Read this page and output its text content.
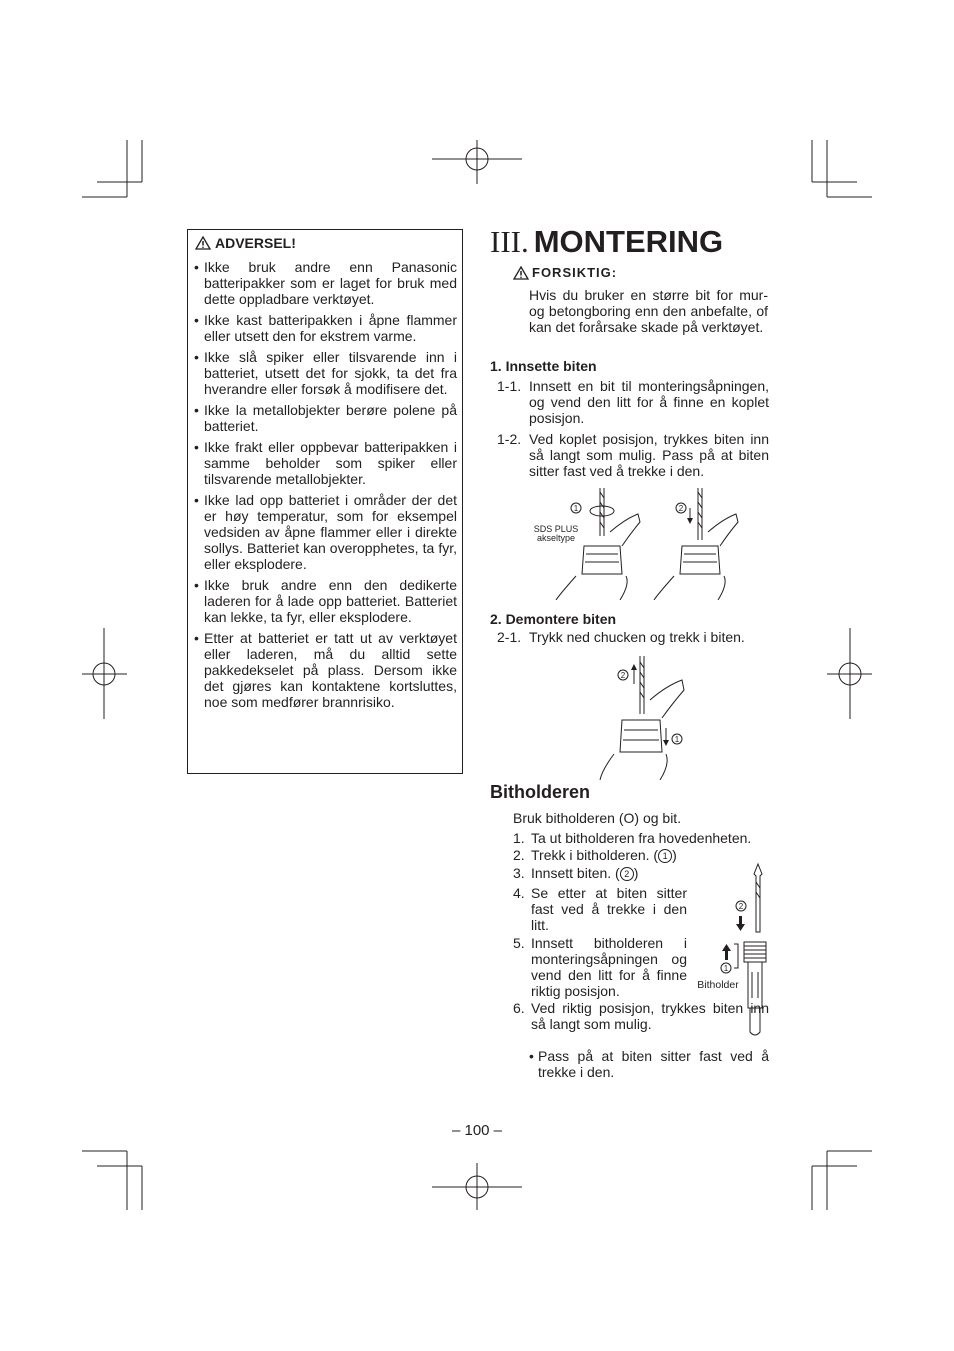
ADVERSEL!
• Ikke bruk andre enn Panasonic batteripakker som er laget for bruk med dette oppladbare verktøyet.
• Ikke kast batteripakken i åpne flammer eller utsett den for ekstrem varme.
• Ikke slå spiker eller tilsvarende inn i batteriet, utsett det for sjokk, ta det fra hverandre eller forsøk å modifisere det.
• Ikke la metallobjekter berøre polene på batteriet.
• Ikke frakt eller oppbevar batteripakken i samme beholder som spiker eller tilsvarende metallobjekter.
• Ikke lad opp batteriet i områder der det er høy temperatur, som for eksempel vedsiden av åpne flammer eller i direkte sollys. Batteriet kan overopphetes, ta fyr, eller eksplodere.
• Ikke bruk andre enn den dedikerte laderen for å lade opp batteriet. Batteriet kan lekke, ta fyr, eller eksplodere.
• Etter at batteriet er tatt ut av verktøyet eller laderen, må du alltid sette pakkedekselet på plass. Dersom ikke det gjøres kan kontaktene kortsluttes, noe som medfører brannrisiko.
III. MONTERING
FORSIKTIG:
Hvis du bruker en større bit for mur- og betongboring enn den anbefalte, of kan det forårsake skade på verktøyet.
1. Innsette biten
1-1. Innsett en bit til monteringsåpningen, og vend den litt for å finne en koplet posisjon.
1-2. Ved koplet posisjon, trykkes biten inn så langt som mulig. Pass på at biten sitter fast ved å trekke i den.
1	2
SDS PLUS
akseltype
2. Demontere biten
2-1. Trykk ned chucken og trekk i biten.
2
1
Bitholderen
Bruk bitholderen (O) og bit.
1. Ta ut bitholderen fra hovedenheten.
2. Trekk i bitholderen. ( 1 )
3. Innsett biten. ( 2 )
4. Se etter at biten sitter fast ved å trekke i den litt.
5. Innsett bitholderen i monteringsåpningen og vend den litt for å finne riktig posisjon.
6. Ved riktig posisjon, trykkes biten inn så langt som mulig.
• Pass på at biten sitter fast ved å trekke i den.
2
1
Bitholder
– 100 –
